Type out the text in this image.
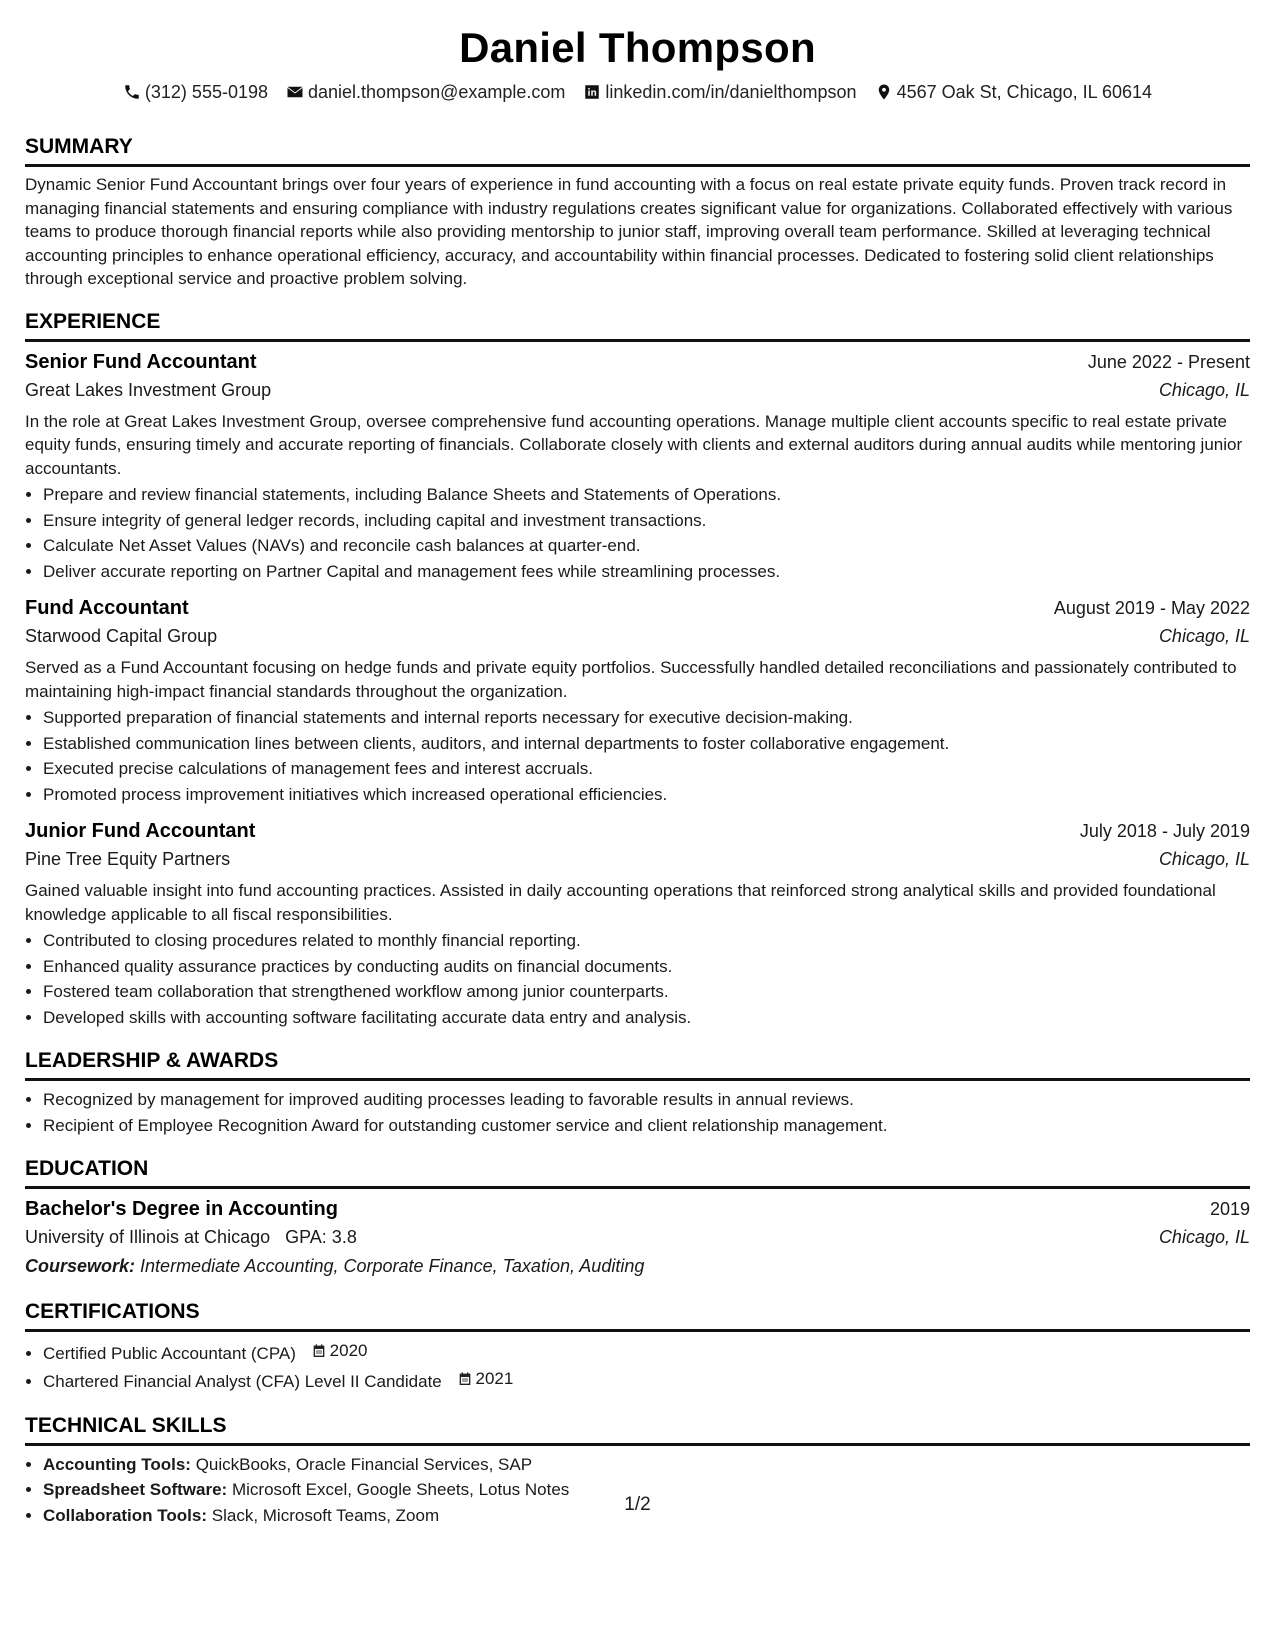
Daniel Thompson
(312) 555-0198 daniel.thompson@example.com linkedin.com/in/danielthompson 4567 Oak St, Chicago, IL 60614
SUMMARY

Dynamic Senior Fund Accountant brings over four years of experience in fund accounting with a focus on real estate private equity funds. Proven track record in managing financial statements and ensuring compliance with industry regulations creates significant value for organizations. Collaborated effectively with various teams to produce thorough financial reports while also providing mentorship to junior staff, improving overall team performance. Skilled at leveraging technical accounting principles to enhance operational efficiency, accuracy, and accountability within financial processes. Dedicated to fostering solid client relationships through exceptional service and proactive problem solving.

EXPERIENCE
Senior Fund Accountant	June 2022 - Present
Great Lakes Investment Group	Chicago, IL

In the role at Great Lakes Investment Group, oversee comprehensive fund accounting operations. Manage multiple client accounts specific to real estate private equity funds, ensuring timely and accurate reporting of financials. Collaborate closely with clients and external auditors during annual audits while mentoring junior accountants.

• Prepare and review financial statements, including Balance Sheets and Statements of Operations.
• Ensure integrity of general ledger records, including capital and investment transactions.
• Calculate Net Asset Values (NAVs) and reconcile cash balances at quarter-end.
• Deliver accurate reporting on Partner Capital and management fees while streamlining processes.
Fund Accountant	August 2019 - May 2022
Starwood Capital Group	Chicago, IL

Served as a Fund Accountant focusing on hedge funds and private equity portfolios. Successfully handled detailed reconciliations and passionately contributed to maintaining high-impact financial standards throughout the organization.

• Supported preparation of financial statements and internal reports necessary for executive decision-making.
• Established communication lines between clients, auditors, and internal departments to foster collaborative engagement.
• Executed precise calculations of management fees and interest accruals.
• Promoted process improvement initiatives which increased operational efficiencies.
Junior Fund Accountant	July 2018 - July 2019
Pine Tree Equity Partners	Chicago, IL

Gained valuable insight into fund accounting practices. Assisted in daily accounting operations that reinforced strong analytical skills and provided foundational knowledge applicable to all fiscal responsibilities.

• Contributed to closing procedures related to monthly financial reporting.
• Enhanced quality assurance practices by conducting audits on financial documents.
• Fostered team collaboration that strengthened workflow among junior counterparts.
• Developed skills with accounting software facilitating accurate data entry and analysis.
LEADERSHIP & AWARDS
• Recognized by management for improved auditing processes leading to favorable results in annual reviews.
• Recipient of Employee Recognition Award for outstanding customer service and client relationship management.
EDUCATION
Bachelor's Degree in Accounting	2019
University of Illinois at Chicago GPA: 3.8	Chicago, IL
Coursework: Intermediate Accounting, Corporate Finance, Taxation, Auditing
CERTIFICATIONS
• Certified Public Accountant (CPA) 2020
• Chartered Financial Analyst (CFA) Level II Candidate 2021
TECHNICAL SKILLS
• Accounting Tools: QuickBooks, Oracle Financial Services, SAP
• Spreadsheet Software: Microsoft Excel, Google Sheets, Lotus Notes
• Collaboration Tools: Slack, Microsoft Teams, Zoom	1/2
